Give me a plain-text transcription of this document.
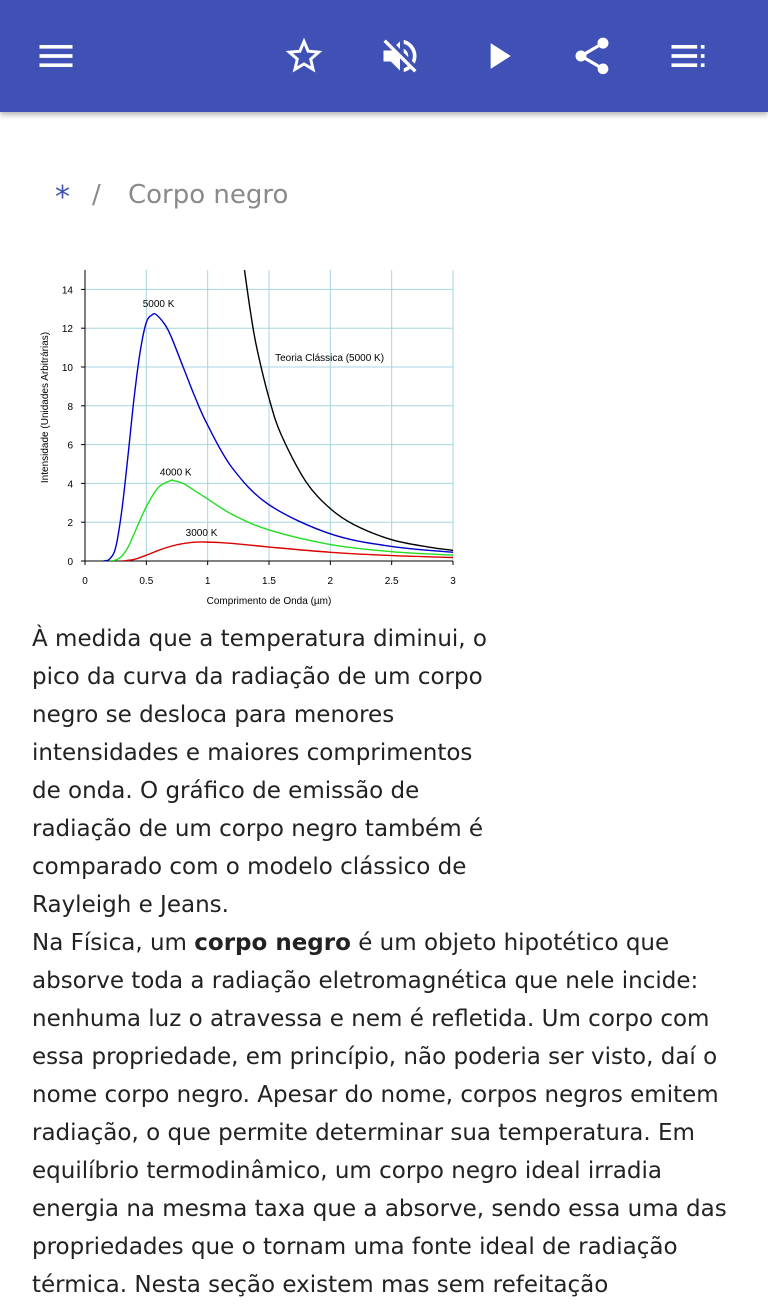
* / Corpo negro
0	0.5	1	1.5	2	2.5	3
0
2
4
6
8
10
12
14
5000 K
4000 K
3000 K
Teoria Clássica (5000 K)
Comprimento de Onda (µm)
Intensidade (Unidades Arbitrárias)
À medida que a temperatura diminui, o pico da curva da radiação de um corpo negro se desloca para menores intensidades e maiores comprimentos de onda. O gráfico de emissão de radiação de um corpo negro também é comparado com o modelo clássico de Rayleigh e Jeans.
Na Física, um corpo negro é um objeto hipotético que absorve toda a radiação eletromagnética que nele incide: nenhuma luz o atravessa e nem é refletida. Um corpo com essa propriedade, em princípio, não poderia ser visto, daí o nome corpo negro. Apesar do nome, corpos negros emitem radiação, o que permite determinar sua temperatura. Em equilíbrio termodinâmico, um corpo negro ideal irradia energia na mesma taxa que a absorve, sendo essa uma das propriedades que o tornam uma fonte ideal de radiação térmica. Nesta seção existem mas sem refeitação
